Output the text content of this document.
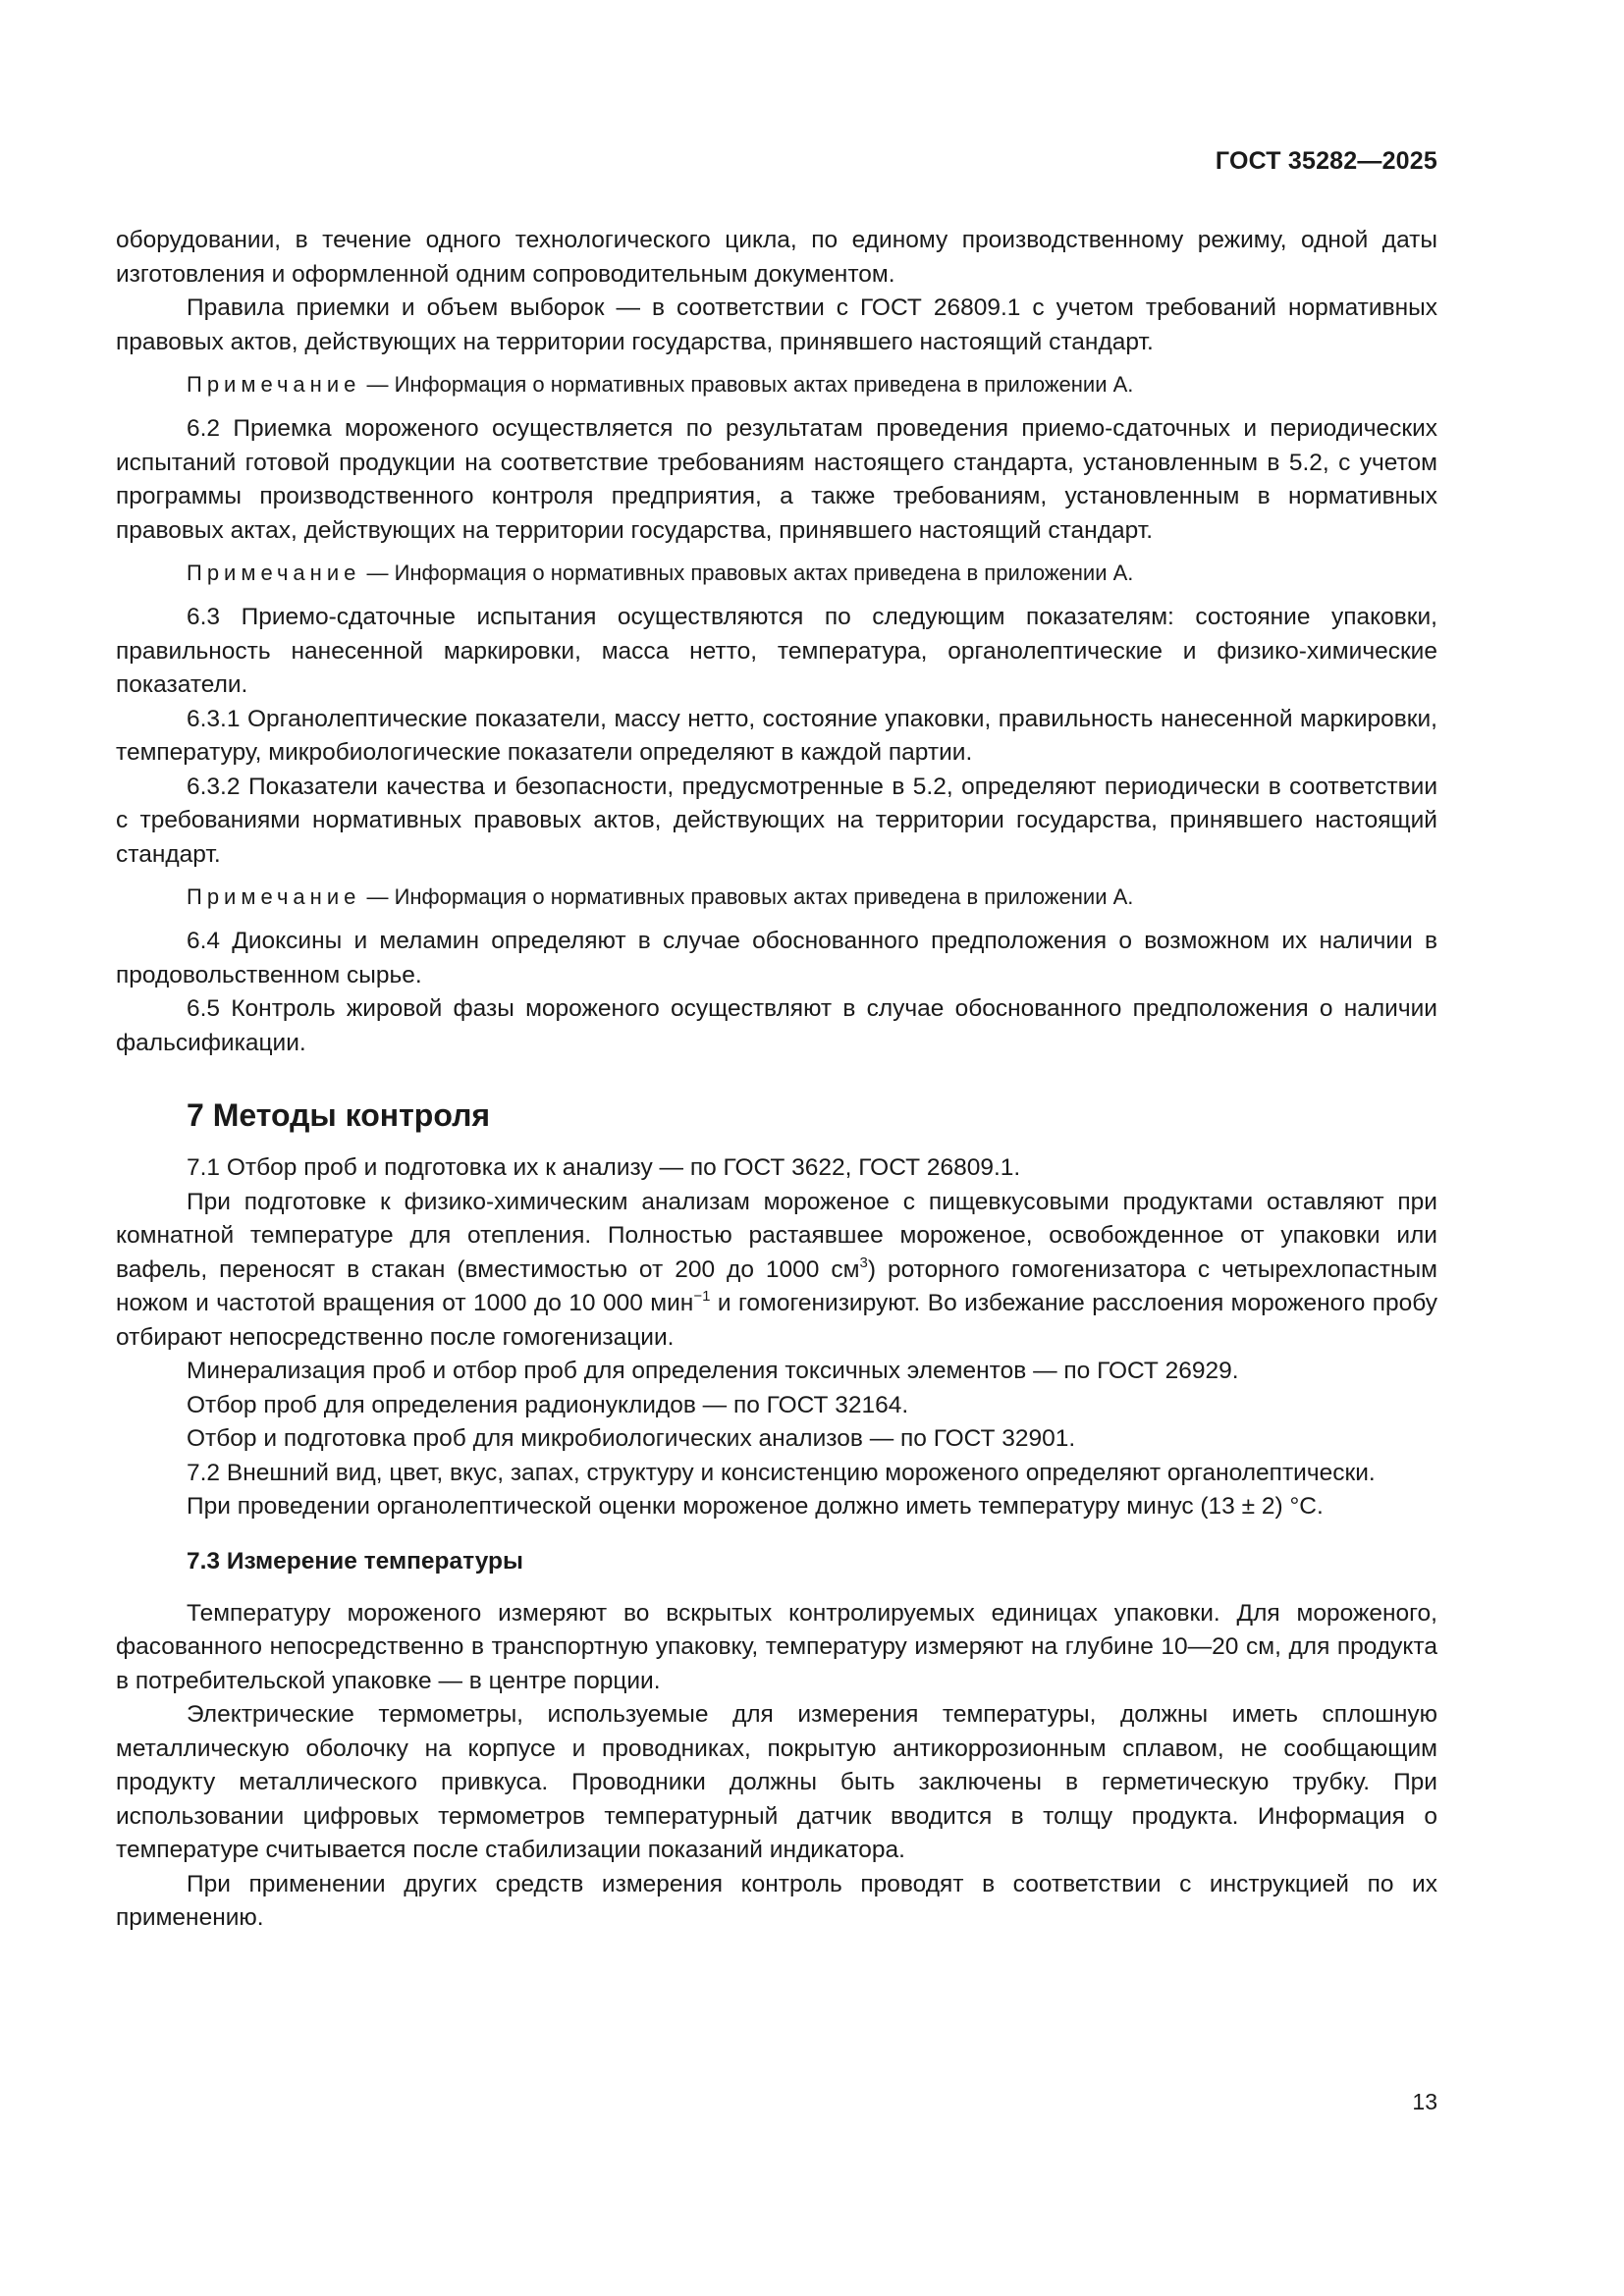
ГОСТ 35282—2025

оборудовании, в течение одного технологического цикла, по единому производственному режиму, одной даты изготовления и оформленной одним сопроводительным документом.

Правила приемки и объем выборок — в соответствии с ГОСТ 26809.1 с учетом требований нормативных правовых актов, действующих на территории государства, принявшего настоящий стандарт.

Примечание — Информация о нормативных правовых актах приведена в приложении А.

6.2 Приемка мороженого осуществляется по результатам проведения приемо-сдаточных и периодических испытаний готовой продукции на соответствие требованиям настоящего стандарта, установленным в 5.2, с учетом программы производственного контроля предприятия, а также требованиям, установленным в нормативных правовых актах, действующих на территории государства, принявшего настоящий стандарт.

Примечание — Информация о нормативных правовых актах приведена в приложении А.

6.3 Приемо-сдаточные испытания осуществляются по следующим показателям: состояние упаковки, правильность нанесенной маркировки, масса нетто, температура, органолептические и физико-химические показатели.

6.3.1 Органолептические показатели, массу нетто, состояние упаковки, правильность нанесенной маркировки, температуру, микробиологические показатели определяют в каждой партии.

6.3.2 Показатели качества и безопасности, предусмотренные в 5.2, определяют периодически в соответствии с требованиями нормативных правовых актов, действующих на территории государства, принявшего настоящий стандарт.

Примечание — Информация о нормативных правовых актах приведена в приложении А.

6.4 Диоксины и меламин определяют в случае обоснованного предположения о возможном их наличии в продовольственном сырье.

6.5 Контроль жировой фазы мороженого осуществляют в случае обоснованного предположения о наличии фальсификации.

7 Методы контроля

7.1 Отбор проб и подготовка их к анализу — по ГОСТ 3622, ГОСТ 26809.1.

При подготовке к физико-химическим анализам мороженое с пищевкусовыми продуктами оставляют при комнатной температуре для отепления. Полностью растаявшее мороженое, освобожденное от упаковки или вафель, переносят в стакан (вместимостью от 200 до 1000 $см^3$) роторного гомогенизатора с четырехлопастным ножом и частотой вращения от 1000 до 10 000 мин$^{-1}$ и гомогенизируют. Во избежание расслоения мороженого пробу отбирают непосредственно после гомогенизации.

Минерализация проб и отбор проб для определения токсичных элементов — по ГОСТ 26929.

Отбор проб для определения радионуклидов — по ГОСТ 32164.

Отбор и подготовка проб для микробиологических анализов — по ГОСТ 32901.

7.2 Внешний вид, цвет, вкус, запах, структуру и консистенцию мороженого определяют органолептически.

При проведении органолептической оценки мороженое должно иметь температуру минус (13 ± 2) °С.

7.3 Измерение температуры

Температуру мороженого измеряют во вскрытых контролируемых единицах упаковки. Для мороженого, фасованного непосредственно в транспортную упаковку, температуру измеряют на глубине 10—20 см, для продукта в потребительской упаковке — в центре порции.

Электрические термометры, используемые для измерения температуры, должны иметь сплошную металлическую оболочку на корпусе и проводниках, покрытую антикоррозионным сплавом, не сообщающим продукту металлического привкуса. Проводники должны быть заключены в герметическую трубку. При использовании цифровых термометров температурный датчик вводится в толщу продукта. Информация о температуре считывается после стабилизации показаний индикатора.

При применении других средств измерения контроль проводят в соответствии с инструкцией по их применению.

13
